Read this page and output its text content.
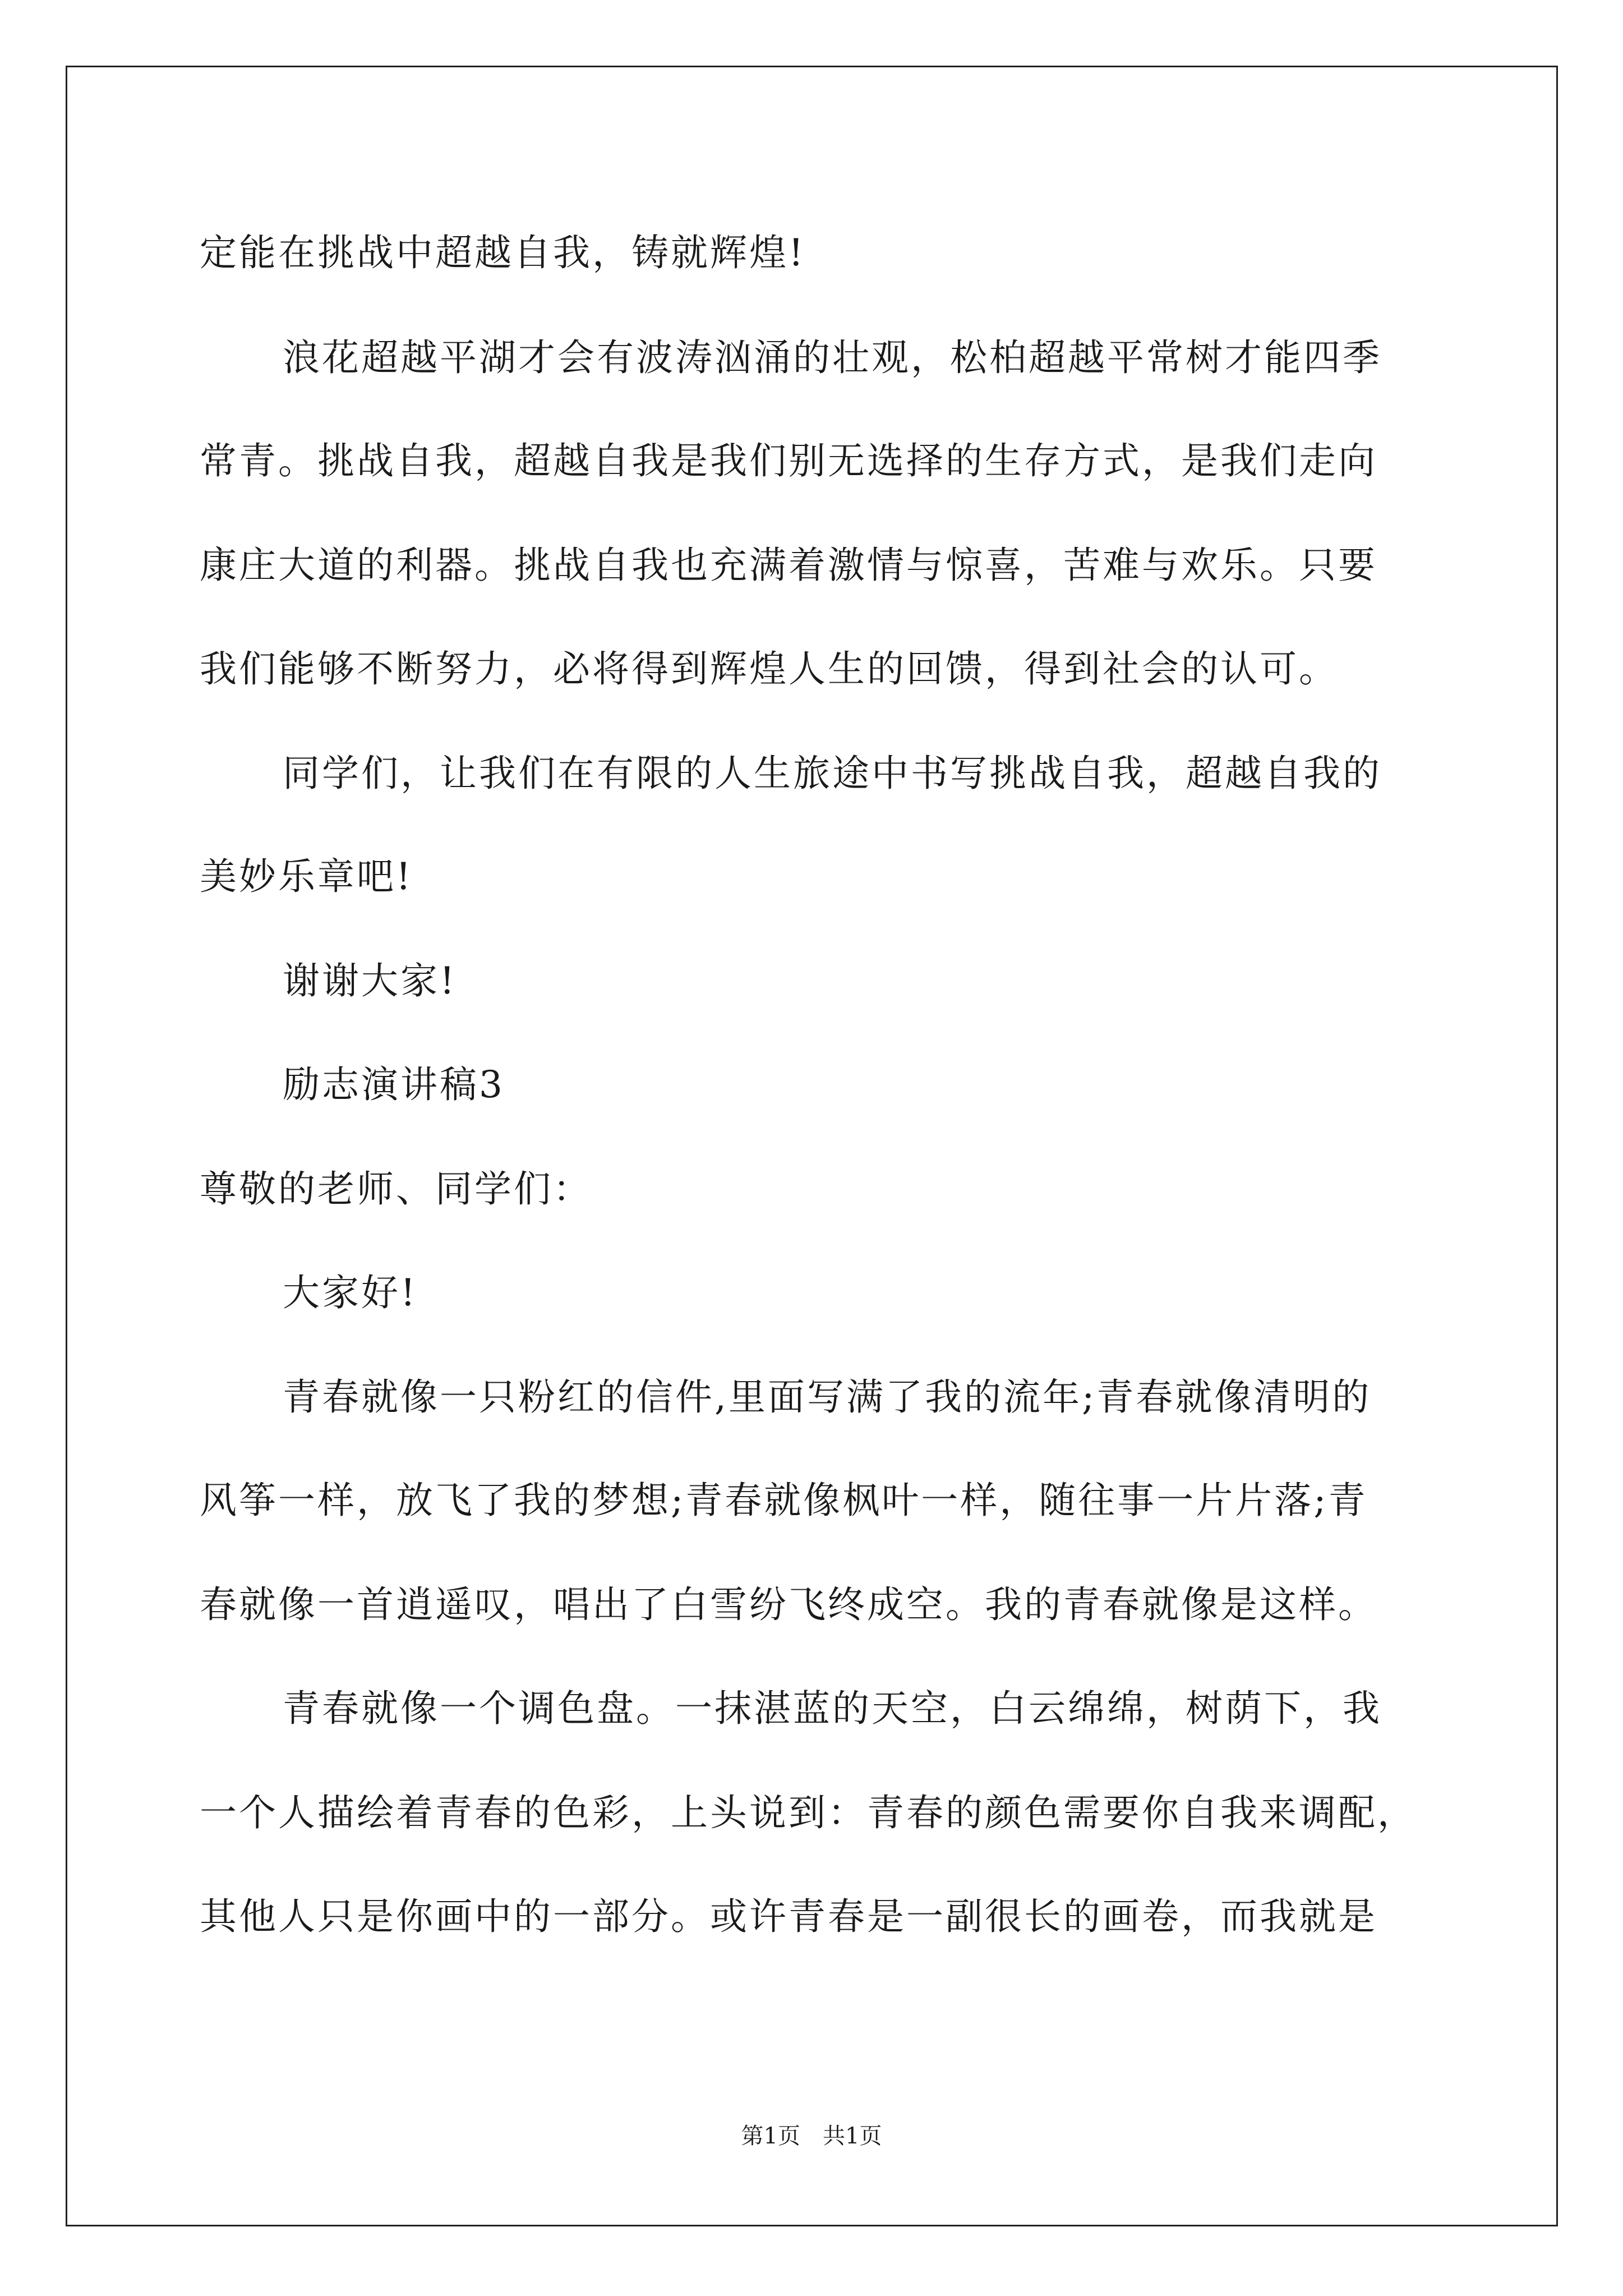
定能在挑战中超越自我，铸就辉煌!
浪花超越平湖才会有波涛汹涌的壮观，松柏超越平常树才能四季
常青。挑战自我，超越自我是我们别无选择的生存方式，是我们走向
康庄大道的利器。挑战自我也充满着激情与惊喜，苦难与欢乐。只要
我们能够不断努力，必将得到辉煌人生的回馈，得到社会的认可。
同学们，让我们在有限的人生旅途中书写挑战自我，超越自我的
美妙乐章吧!
谢谢大家!
励志演讲稿3
尊敬的老师、同学们：
大家好!
青春就像一只粉红的信件,里面写满了我的流年;青春就像清明的
风筝一样，放飞了我的梦想;青春就像枫叶一样，随往事一片片落;青
春就像一首逍遥叹，唱出了白雪纷飞终成空。我的青春就像是这样。
青春就像一个调色盘。一抹湛蓝的天空，白云绵绵，树荫下，我
一个人描绘着青春的色彩，上头说到：青春的颜色需要你自我来调配，
其他人只是你画中的一部分。或许青春是一副很长的画卷，而我就是
第1页 共1页
